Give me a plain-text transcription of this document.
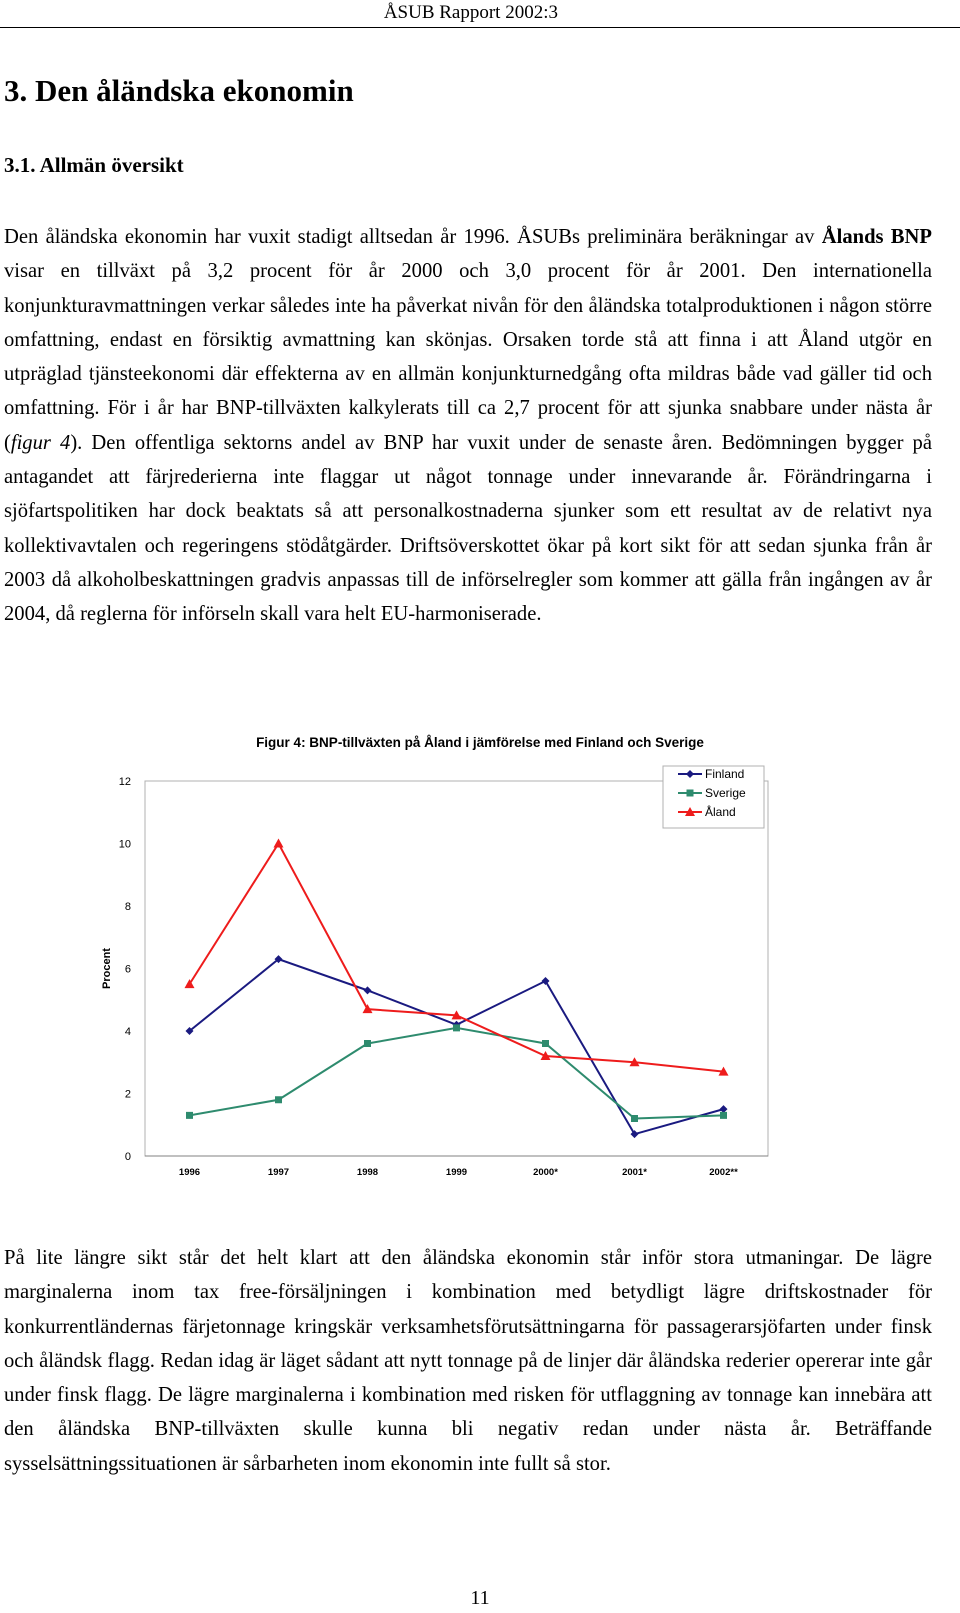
ÅSUB Rapport 2002:3
3. Den åländska ekonomin
3.1. Allmän översikt

Den åländska ekonomin har vuxit stadigt alltsedan år 1996. ÅSUBs preliminära beräkningar av Ålands BNP visar en tillväxt på 3,2 procent för år 2000 och 3,0 procent för år 2001. Den internationella konjunkturavmattningen verkar således inte ha påverkat nivån för den åländska totalproduktionen i någon större omfattning, endast en försiktig avmattning kan skönjas. Orsaken torde stå att finna i att Åland utgör en utpräglad tjänsteekonomi där effekterna av en allmän konjunkturnedgång ofta mildras både vad gäller tid och omfattning. För i år har BNP-tillväxten kalkylerats till ca 2,7 procent för att sjunka snabbare under nästa år (figur 4). Den offentliga sektorns andel av BNP har vuxit under de senaste åren. Bedömningen bygger på antagandet att färjrederierna inte flaggar ut något tonnage under innevarande år. Förändringarna i sjöfartspolitiken har dock beaktats så att personalkostnaderna sjunker som ett resultat av de relativt nya kollektivavtalen och regeringens stödåtgärder. Driftsöverskottet ökar på kort sikt för att sedan sjunka från år 2003 då alkoholbeskattningen gradvis anpassas till de införselregler som kommer att gälla från ingången av år 2004, då reglerna för införseln skall vara helt EU-harmoniserade.

Figur 4: BNP-tillväxten på Åland i jämförelse med Finland och Sverige
0
2
4
6
8
10
12
1996	1997	1998	1999	2000*	2001*	2002**
Procent
Finland
Sverige
Åland

På lite längre sikt står det helt klart att den åländska ekonomin står inför stora utmaningar. De lägre marginalerna inom tax free-försäljningen i kombination med betydligt lägre driftskostnader för konkurrentländernas färjetonnage kringskär verksamhetsförutsättningarna för passagerarsjöfarten under finsk och åländsk flagg. Redan idag är läget sådant att nytt tonnage på de linjer där åländska rederier opererar inte går under finsk flagg. De lägre marginalerna i kombination med risken för utflaggning av tonnage kan innebära att den åländska BNP-tillväxten skulle kunna bli negativ redan under nästa år. Beträffande sysselsättningssituationen är sårbarheten inom ekonomin inte fullt så stor.

11
